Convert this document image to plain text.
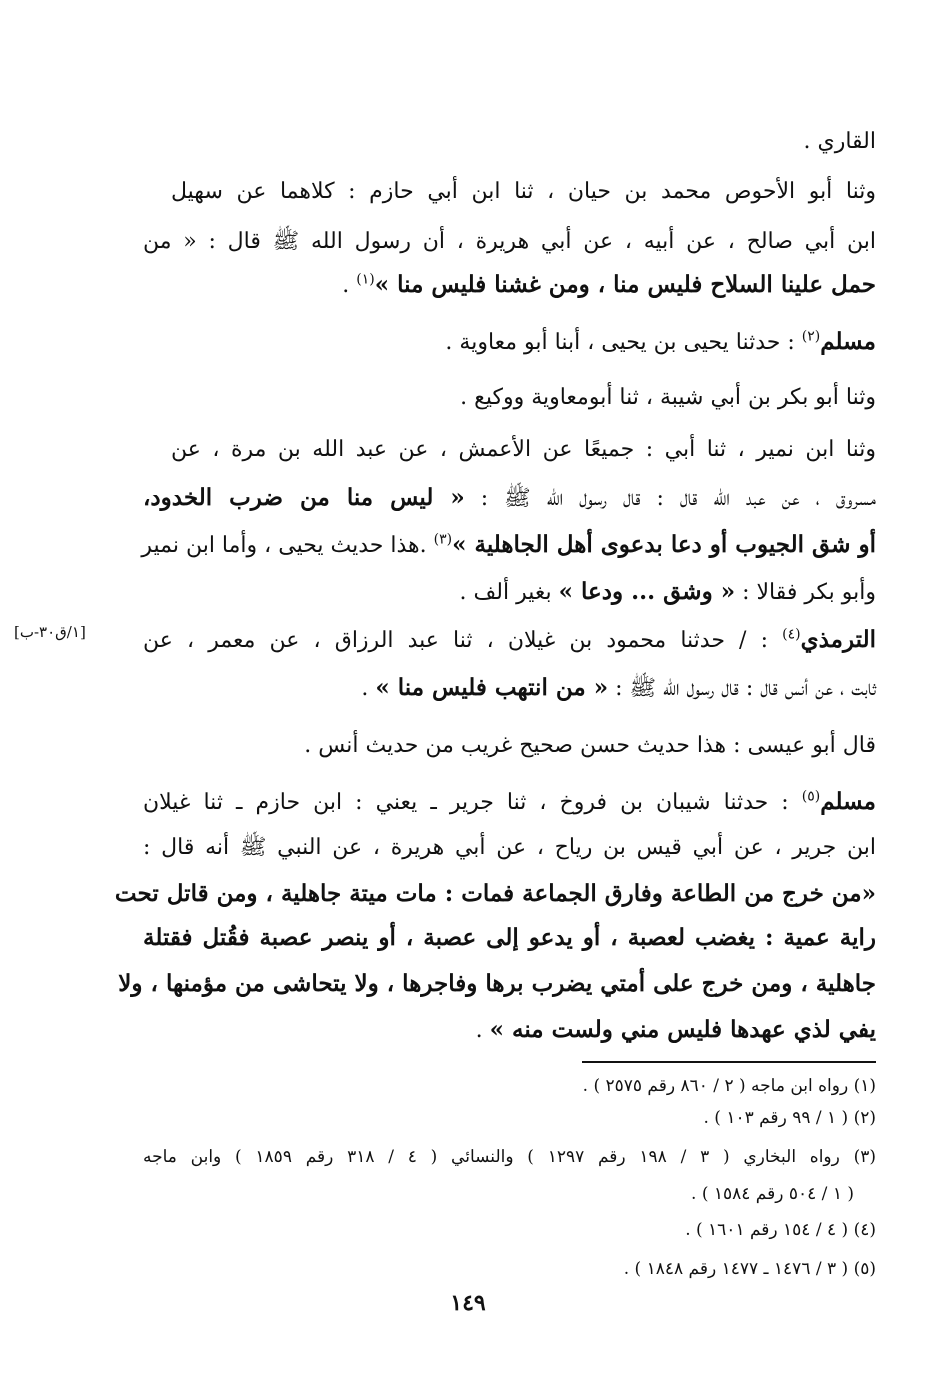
القاري .
وثنا أبو الأحوص محمد بن حيان ، ثنا ابن أبي حازم : كلاهما عن سهيل
ابن أبي صالح ، عن أبيه ، عن أبي هريرة ، أن رسول الله ﷺ قال : « من
حمل علينا السلاح فليس منا ، ومن غشنا فليس منا »$^{(١)}$ .
مسلم$^{(٢)}$ : حدثنا يحيى بن يحيى ، أبنا أبو معاوية .
وثنا أبو بكر بن أبي شيبة ، ثنا أبومعاوية ووكيع .
وثنا ابن نمير ، ثنا أبي : جميعًا عن الأعمش ، عن عبد الله بن مرة ، عن
مسروق ، عن عبد الله قال : قال رسول الله ﷺ : « ليس منا من ضرب الخدود،
أو شق الجيوب أو دعا بدعوى أهل الجاهلية »$^{(٣)}$ .هذا حديث يحيى ، وأما ابن نمير
وأبو بكر فقالا : « وشق ... ودعا » بغير ألف .
[١/ق٣٠-ب]	الترمذي$^{(٤)}$ : / حدثنا محمود بن غيلان ، ثنا عبد الرزاق ، عن معمر ، عن
ثابت ، عن أنس قال : قال رسول الله ﷺ : « من انتهب فليس منا » .
قال أبو عيسى : هذا حديث حسن صحيح غريب من حديث أنس .
مسلم$^{(٥)}$ : حدثنا شيبان بن فروخ ، ثنا جرير ـ يعني : ابن حازم ـ ثنا غيلان
ابن جرير ، عن أبي قيس بن رياح ، عن أبي هريرة ، عن النبي ﷺ أنه قال :
«من خرج من الطاعة وفارق الجماعة فمات : مات ميتة جاهلية ، ومن قاتل تحت
راية عمية : يغضب لعصبة ، أو يدعو إلى عصبة ، أو ينصر عصبة فقُتل فقتلة
جاهلية ، ومن خرج على أمتي يضرب برها وفاجرها ، ولا يتحاشى من مؤمنها ، ولا
يفي لذي عهدها فليس مني ولست منه » .
(١) رواه ابن ماجه ( ٢ / ٨٦٠ رقم ٢٥٧٥ ) .
(٢) ( ١ / ٩٩ رقم ١٠٣ ) .
(٣) رواه البخاري ( ٣ / ١٩٨ رقم ١٢٩٧ ) والنسائي ( ٤ / ٣١٨ رقم ١٨٥٩ ) وابن ماجه
( ١ / ٥٠٤ رقم ١٥٨٤ ) .
(٤) ( ٤ / ١٥٤ رقم ١٦٠١ ) .
(٥) ( ٣ / ١٤٧٦ ـ ١٤٧٧ رقم ١٨٤٨ ) .
١٤٩
